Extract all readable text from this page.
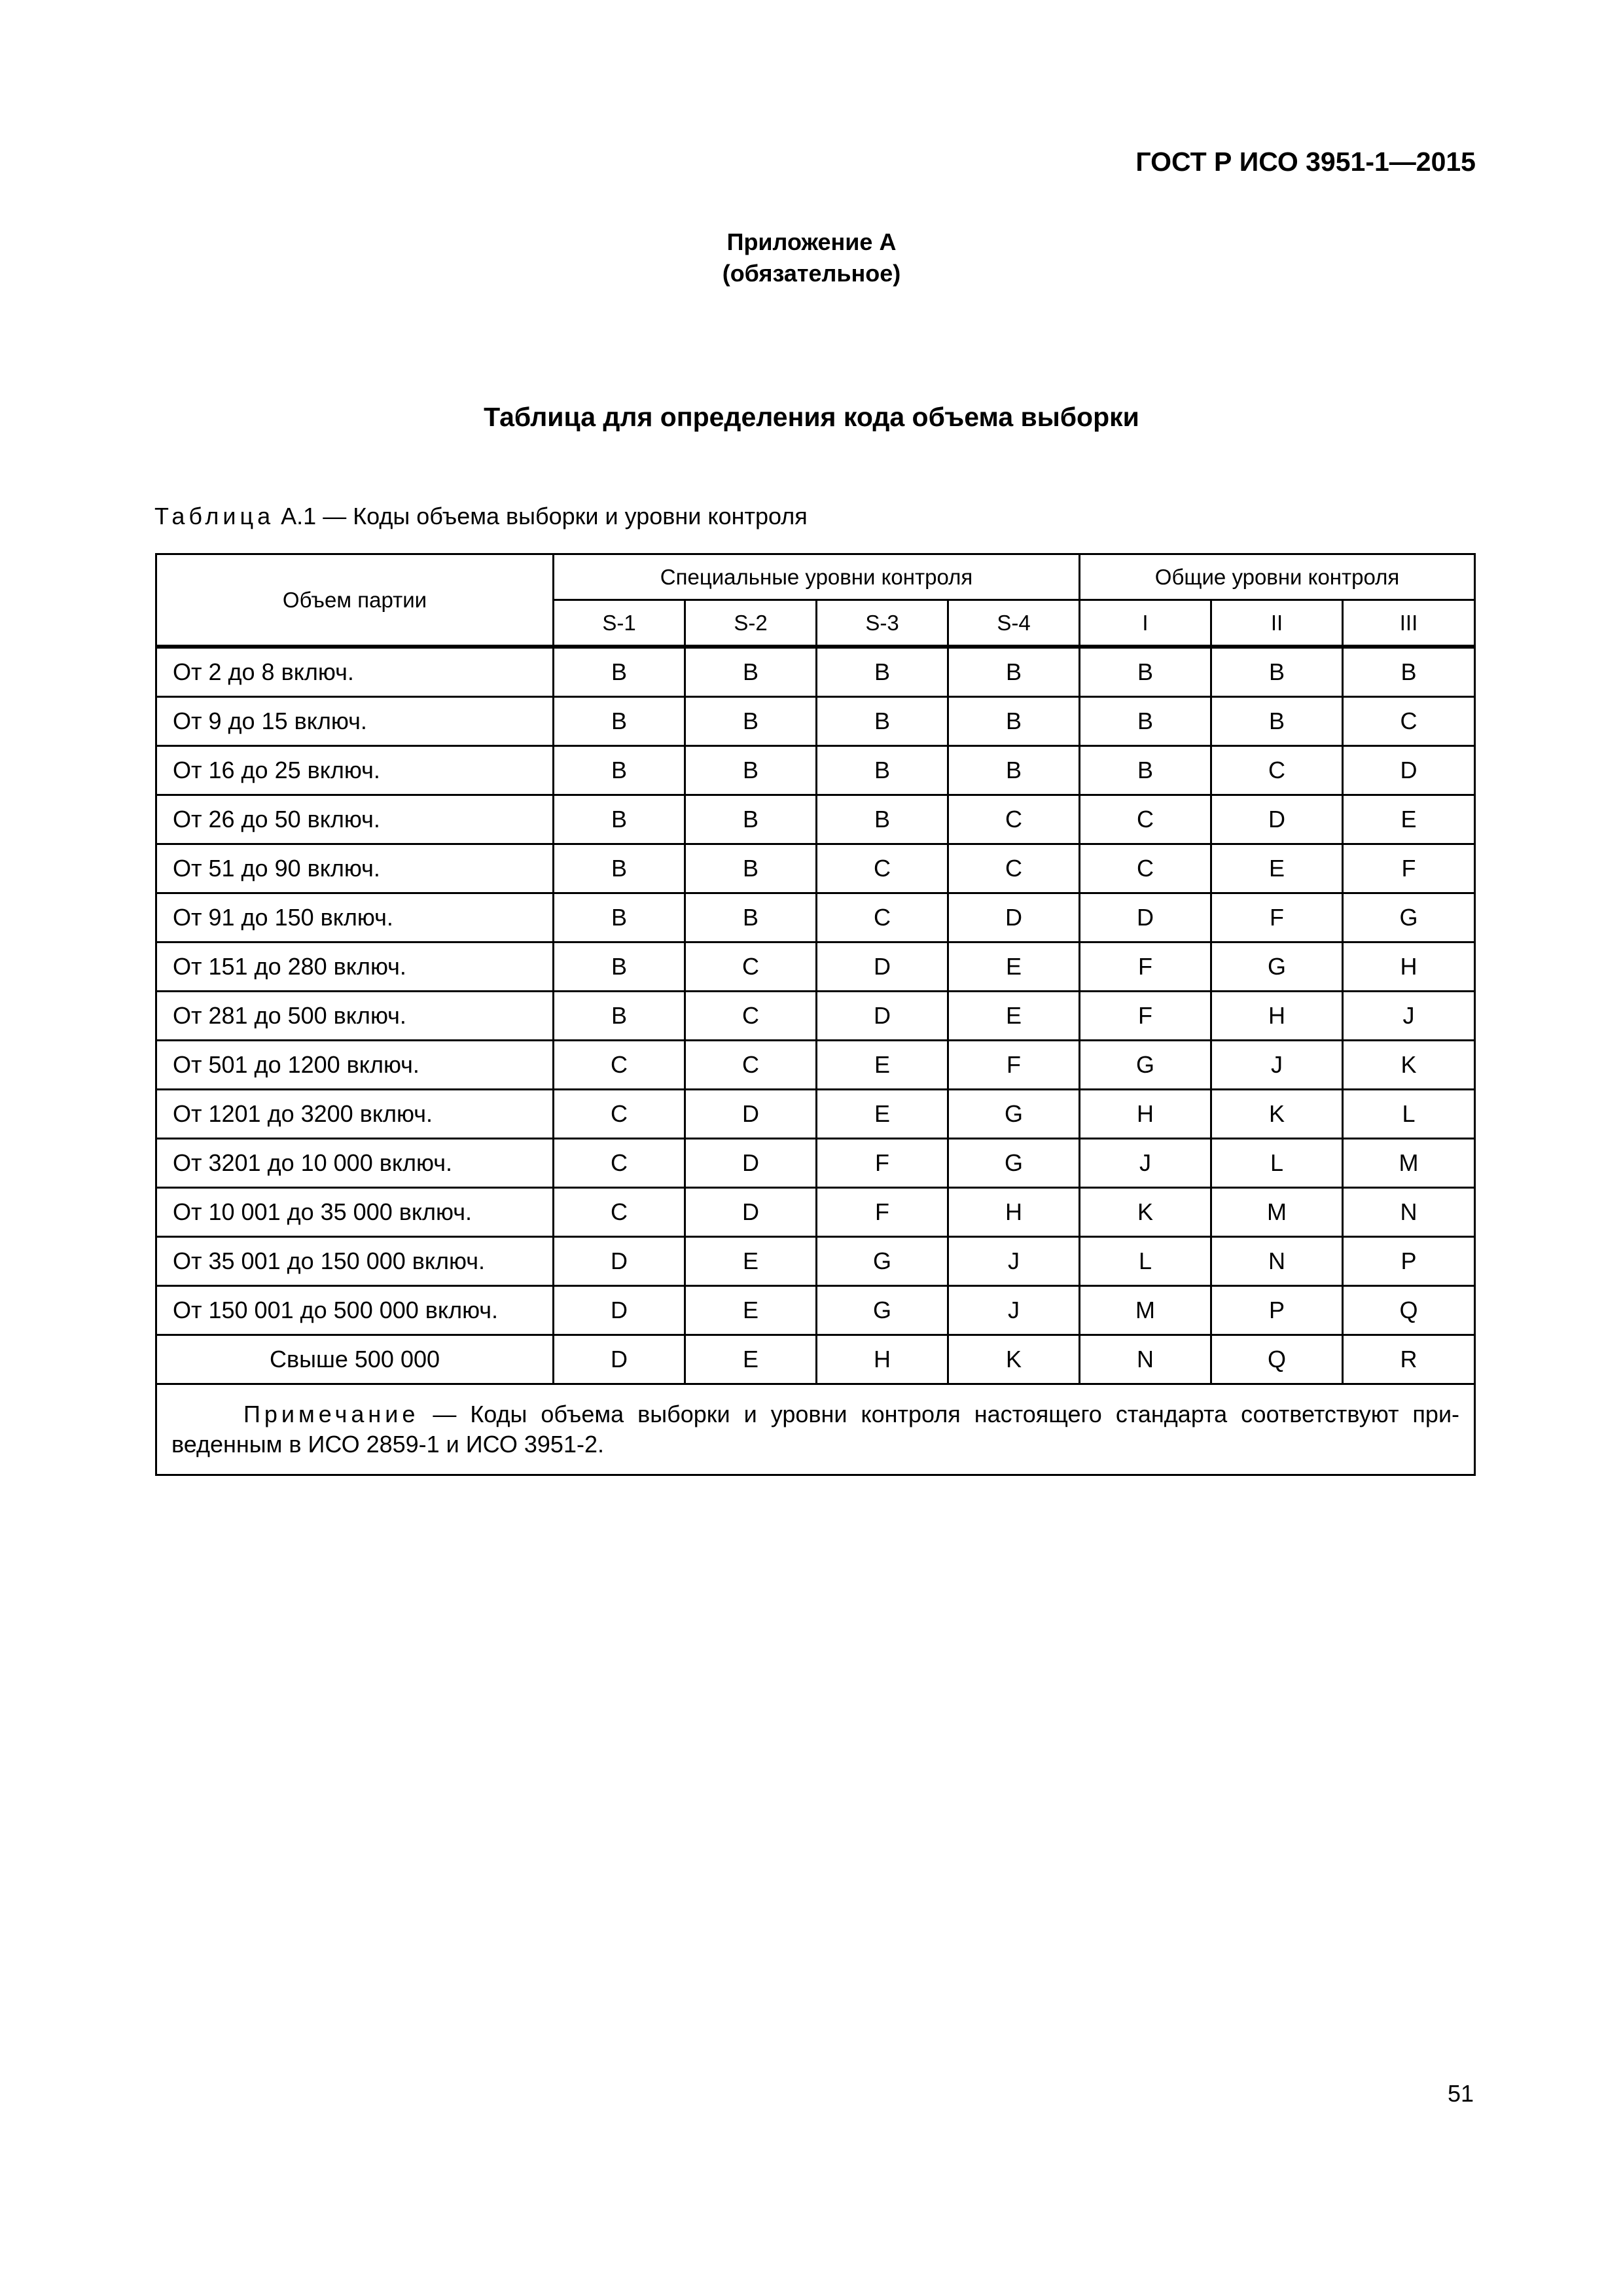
ГОСТ Р ИСО 3951-1—2015
Приложение А
(обязательное)
Таблица для определения кода объема выборки
Таблица А.1 — Коды объема выборки и уровни контроля
Объем партии	Специальные уровни контроля				Общие уровни контроля		
	S-1	S-2	S-3	S-4	I	II	III
От 2 до 8 включ.	B	B	B	B	B	B	B
От 9 до 15 включ.	B	B	B	B	B	B	C
От 16 до 25 включ.	B	B	B	B	B	C	D
От 26 до 50 включ.	B	B	B	C	C	D	E
От 51 до 90 включ.	B	B	C	C	C	E	F
От 91 до 150 включ.	B	B	C	D	D	F	G
От 151 до 280 включ.	B	C	D	E	F	G	H
От 281 до 500 включ.	B	C	D	E	F	H	J
От 501 до 1200 включ.	C	C	E	F	G	J	K
От 1201 до 3200 включ.	C	D	E	G	H	K	L
От 3201 до 10 000 включ.	C	D	F	G	J	L	M
От 10 001 до 35 000 включ.	C	D	F	H	K	M	N
От 35 001 до 150 000 включ.	D	E	G	J	L	N	P
От 150 001 до 500 000 включ.	D	E	G	J	M	P	Q
Свыше 500 000	D	E	H	K	N	Q	R
Примечание — Коды объема выборки и уровни контроля настоящего стандарта соответствуют при-веденным в ИСО 2859-1 и ИСО 3951-2.							
51
